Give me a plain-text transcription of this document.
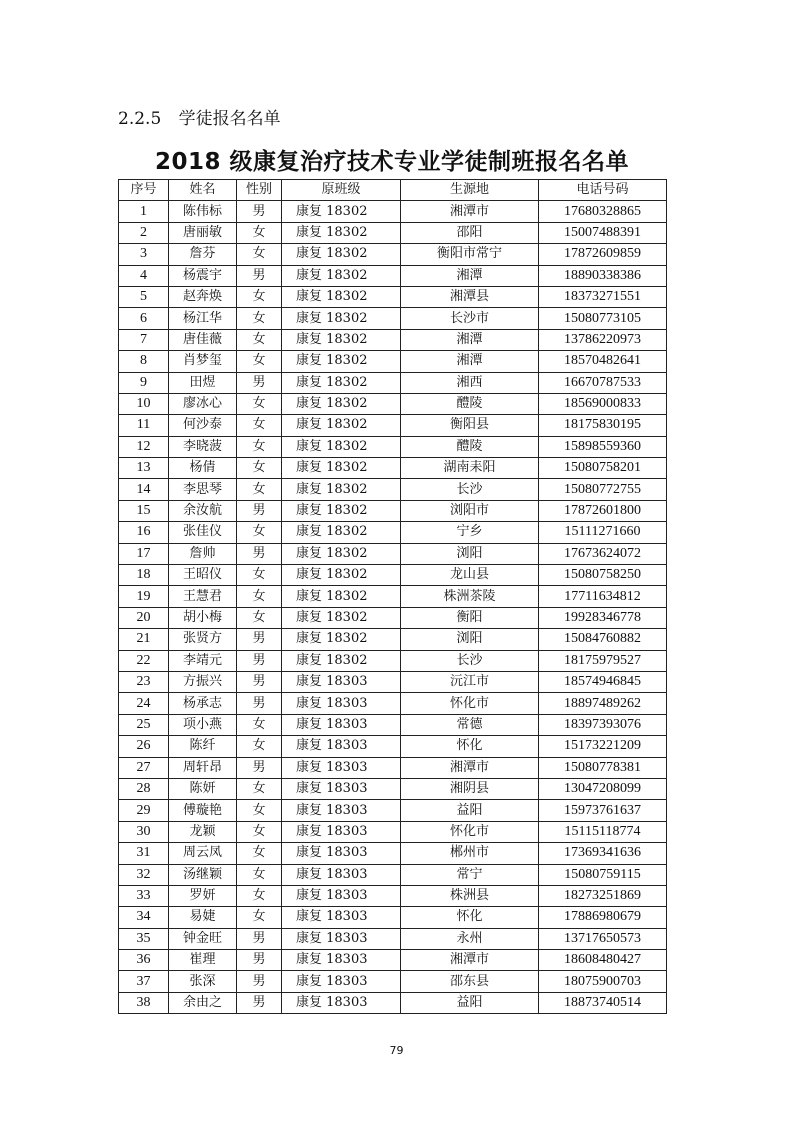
2.2.5 学徒报名名单
2018 级康复治疗技术专业学徒制班报名名单
序号	姓名	性别	原班级	生源地	电话号码
1	陈伟标	男	康复 18302	湘潭市	17680328865
2	唐丽敏	女	康复 18302	邵阳	15007488391
3	詹芬	女	康复 18302	衡阳市常宁	17872609859
4	杨震宇	男	康复 18302	湘潭	18890338386
5	赵奔焕	女	康复 18302	湘潭县	18373271551
6	杨江华	女	康复 18302	长沙市	15080773105
7	唐佳薇	女	康复 18302	湘潭	13786220973
8	肖梦玺	女	康复 18302	湘潭	18570482641
9	田煜	男	康复 18302	湘西	16670787533
10	廖冰心	女	康复 18302	醴陵	18569000833
11	何沙泰	女	康复 18302	衡阳县	18175830195
12	李晓菠	女	康复 18302	醴陵	15898559360
13	杨倩	女	康复 18302	湖南耒阳	15080758201
14	李思琴	女	康复 18302	长沙	15080772755
15	余汝航	男	康复 18302	浏阳市	17872601800
16	张佳仪	女	康复 18302	宁乡	15111271660
17	詹帅	男	康复 18302	浏阳	17673624072
18	王昭仪	女	康复 18302	龙山县	15080758250
19	王慧君	女	康复 18302	株洲茶陵	17711634812
20	胡小梅	女	康复 18302	衡阳	19928346778
21	张贤方	男	康复 18302	浏阳	15084760882
22	李靖元	男	康复 18302	长沙	18175979527
23	方振兴	男	康复 18303	沅江市	18574946845
24	杨承志	男	康复 18303	怀化市	18897489262
25	项小燕	女	康复 18303	常德	18397393076
26	陈纤	女	康复 18303	怀化	15173221209
27	周轩昂	男	康复 18303	湘潭市	15080778381
28	陈妍	女	康复 18303	湘阴县	13047208099
29	傅璇艳	女	康复 18303	益阳	15973761637
30	龙颖	女	康复 18303	怀化市	15115118774
31	周云凤	女	康复 18303	郴州市	17369341636
32	汤继颖	女	康复 18303	常宁	15080759115
33	罗妍	女	康复 18303	株洲县	18273251869
34	易婕	女	康复 18303	怀化	17886980679
35	钟金旺	男	康复 18303	永州	13717650573
36	崔理	男	康复 18303	湘潭市	18608480427
37	张深	男	康复 18303	邵东县	18075900703
38	余由之	男	康复 18303	益阳	18873740514
79
